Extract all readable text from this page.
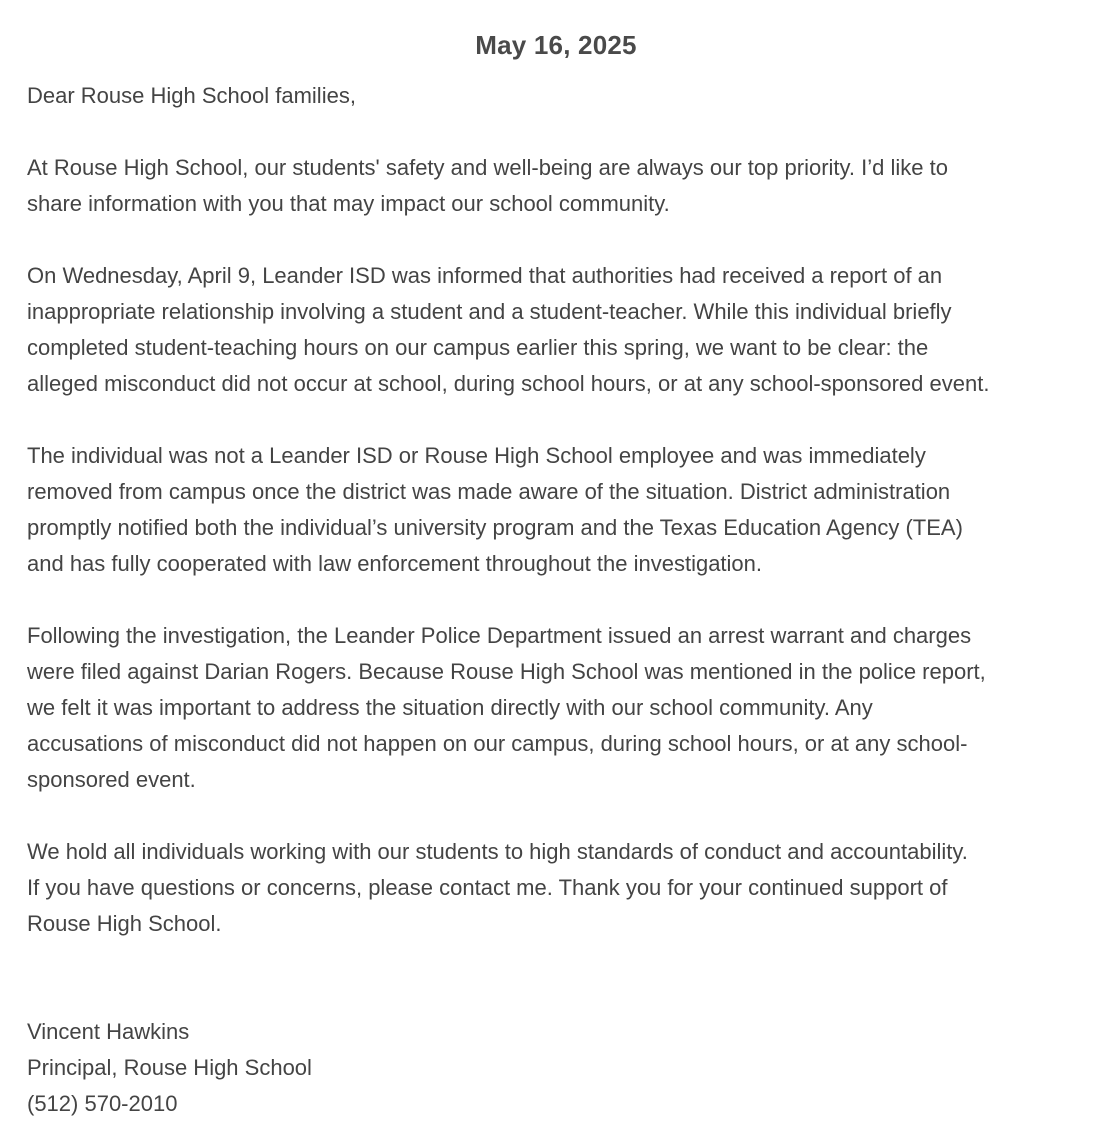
May 16, 2025
Dear Rouse High School families,
At Rouse High School, our students' safety and well-being are always our top priority. I’d like to
share information with you that may impact our school community.
On Wednesday, April 9, Leander ISD was informed that authorities had received a report of an
inappropriate relationship involving a student and a student-teacher. While this individual briefly
completed student-teaching hours on our campus earlier this spring, we want to be clear: the
alleged misconduct did not occur at school, during school hours, or at any school-sponsored event.
The individual was not a Leander ISD or Rouse High School employee and was immediately
removed from campus once the district was made aware of the situation. District administration
promptly notified both the individual’s university program and the Texas Education Agency (TEA)
and has fully cooperated with law enforcement throughout the investigation.
Following the investigation, the Leander Police Department issued an arrest warrant and charges
were filed against Darian Rogers. Because Rouse High School was mentioned in the police report,
we felt it was important to address the situation directly with our school community. Any
accusations of misconduct did not happen on our campus, during school hours, or at any school-
sponsored event.
We hold all individuals working with our students to high standards of conduct and accountability.
If you have questions or concerns, please contact me. Thank you for your continued support of
Rouse High School.
Vincent Hawkins
Principal, Rouse High School
(512) 570-2010
